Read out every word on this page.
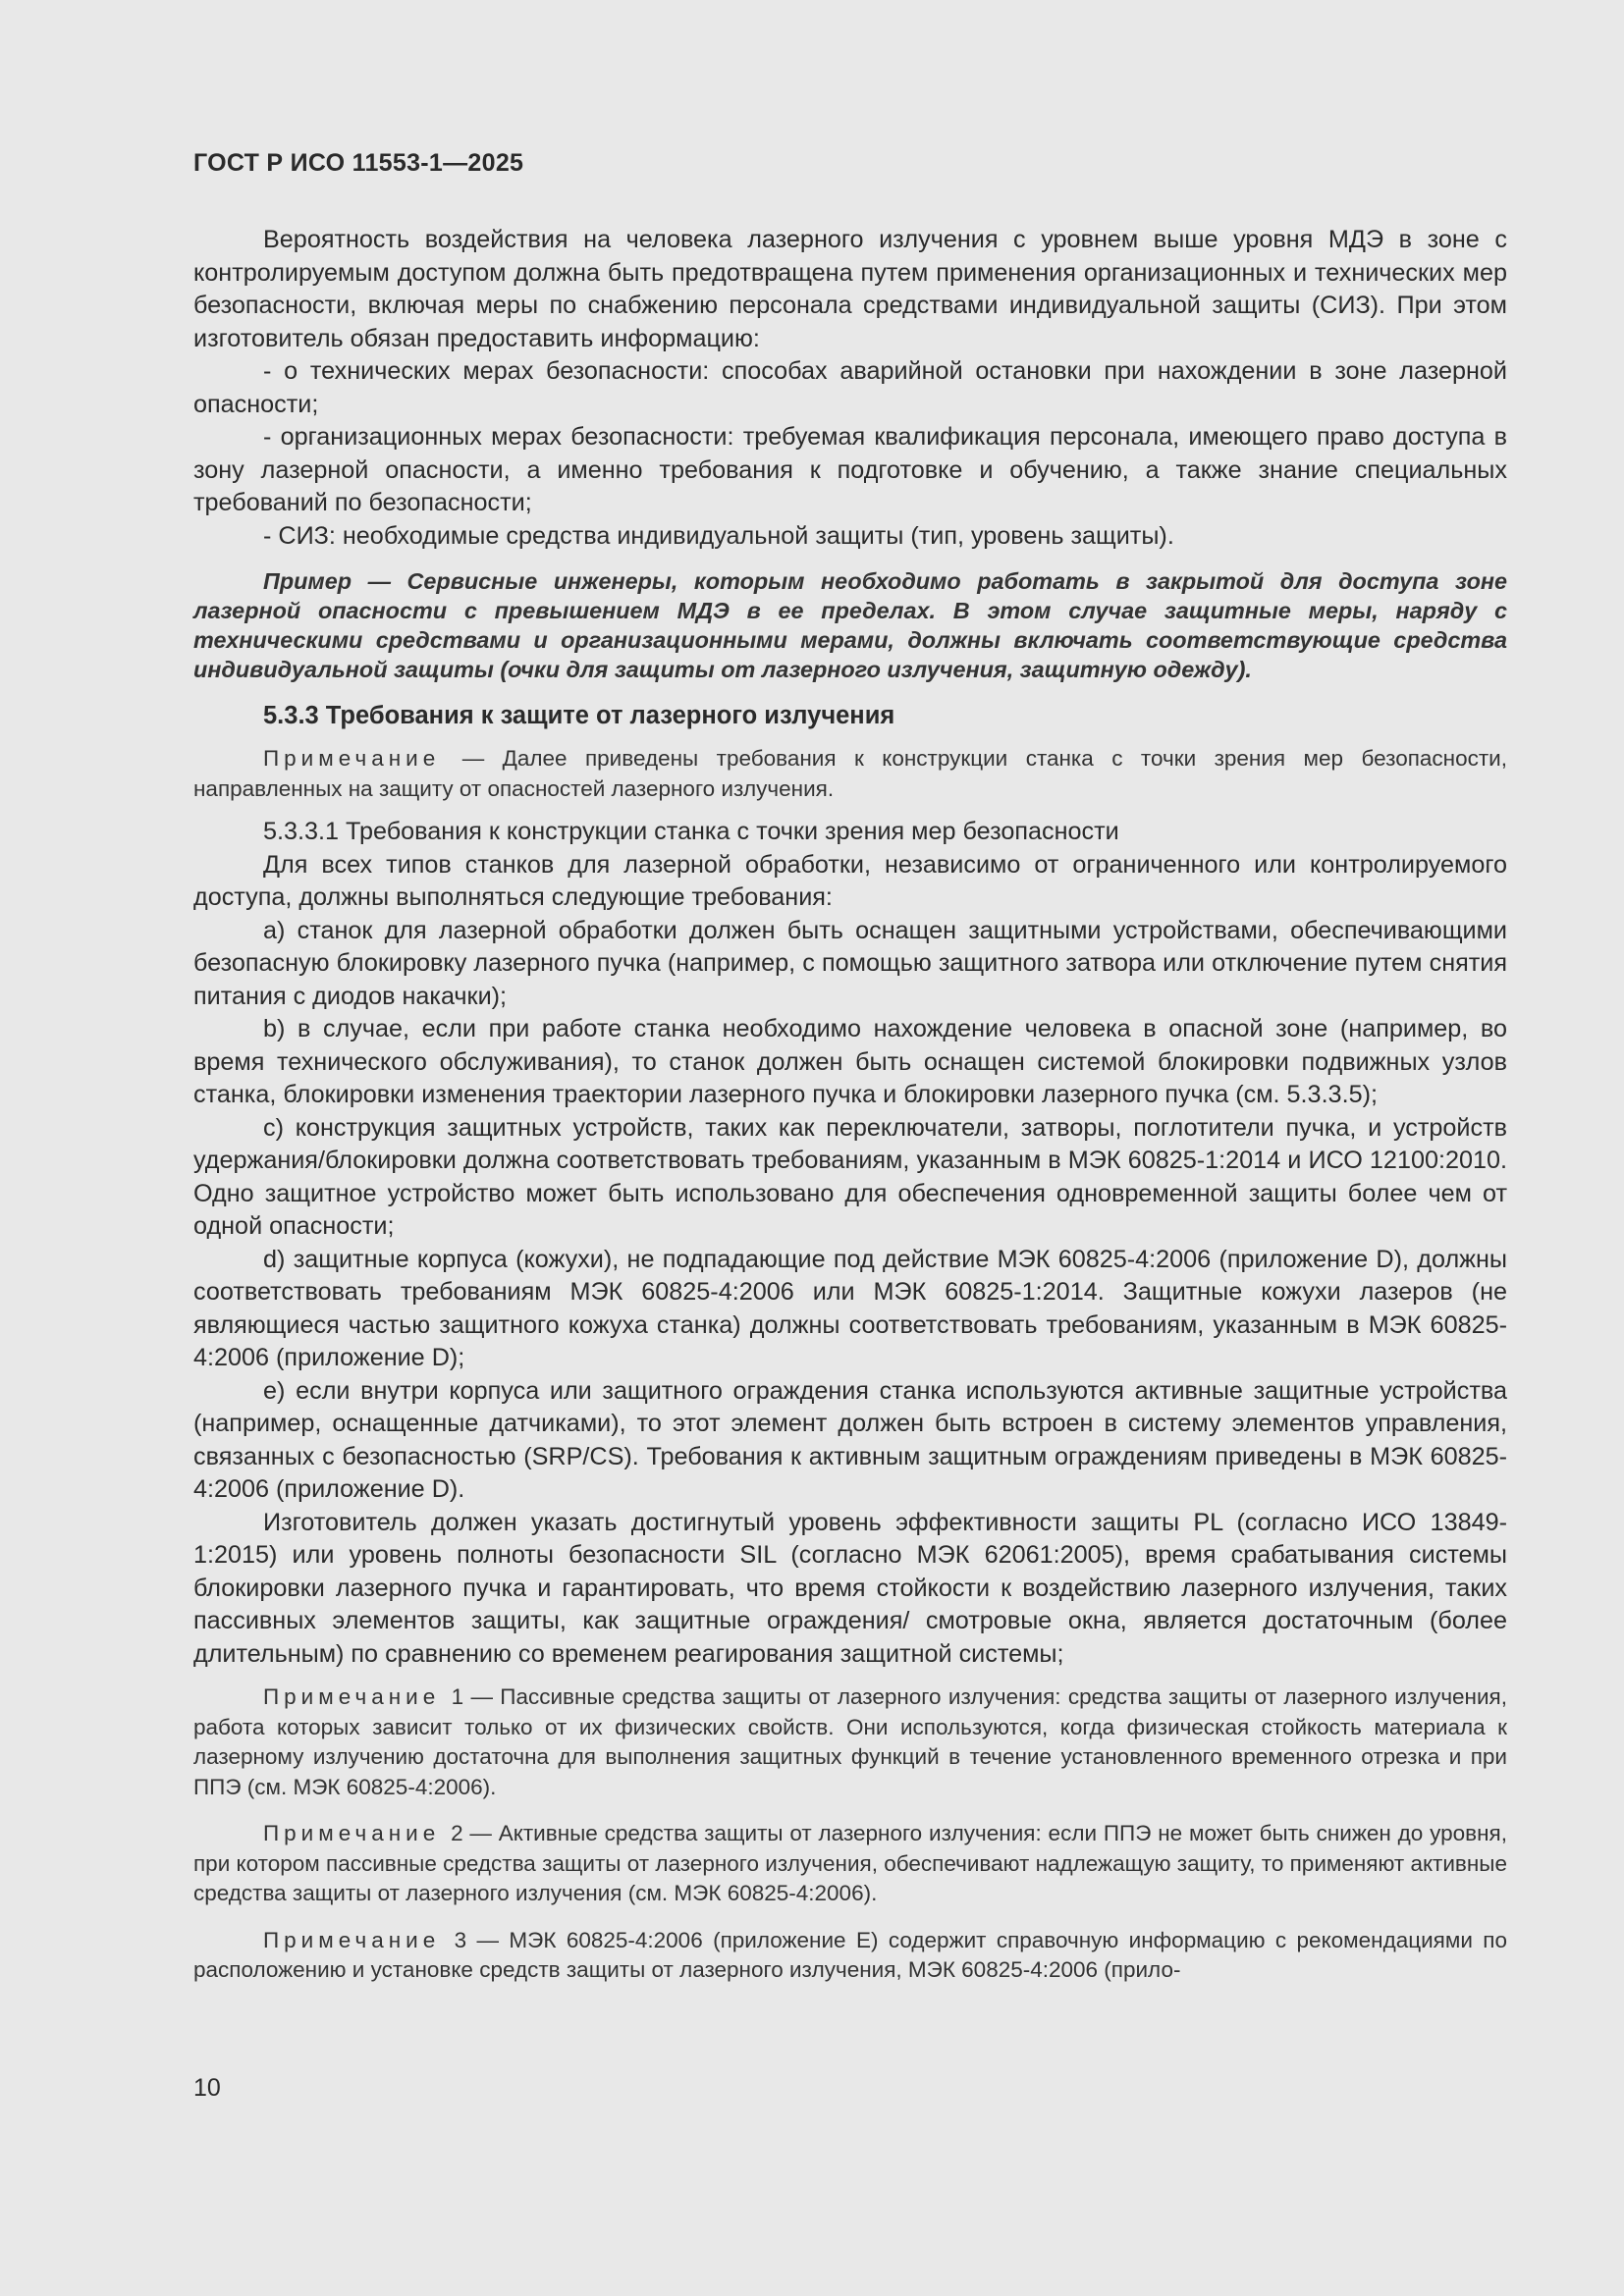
ГОСТ Р ИСО 11553-1—2025

Вероятность воздействия на человека лазерного излучения с уровнем выше уровня МДЭ в зоне с контролируемым доступом должна быть предотвращена путем применения организационных и технических мер безопасности, включая меры по снабжению персонала средствами индивидуальной защиты (СИЗ). При этом изготовитель обязан предоставить информацию:

- о технических мерах безопасности: способах аварийной остановки при нахождении в зоне лазерной опасности;

- организационных мерах безопасности: требуемая квалификация персонала, имеющего право доступа в зону лазерной опасности, а именно требования к подготовке и обучению, а также знание специальных требований по безопасности;

- СИЗ: необходимые средства индивидуальной защиты (тип, уровень защиты).

Пример — Сервисные инженеры, которым необходимо работать в закрытой для доступа зоне лазерной опасности с превышением МДЭ в ее пределах. В этом случае защитные меры, наряду с техническими средствами и организационными мерами, должны включать соответствующие средства индивидуальной защиты (очки для защиты от лазерного излучения, защитную одежду).

5.3.3 Требования к защите от лазерного излучения

Примечание — Далее приведены требования к конструкции станка с точки зрения мер безопасности, направленных на защиту от опасностей лазерного излучения.

5.3.3.1 Требования к конструкции станка с точки зрения мер безопасности

Для всех типов станков для лазерной обработки, независимо от ограниченного или контролируемого доступа, должны выполняться следующие требования:

a) станок для лазерной обработки должен быть оснащен защитными устройствами, обеспечивающими безопасную блокировку лазерного пучка (например, с помощью защитного затвора или отключение путем снятия питания с диодов накачки);

b) в случае, если при работе станка необходимо нахождение человека в опасной зоне (например, во время технического обслуживания), то станок должен быть оснащен системой блокировки подвижных узлов станка, блокировки изменения траектории лазерного пучка и блокировки лазерного пучка (см. 5.3.3.5);

c) конструкция защитных устройств, таких как переключатели, затворы, поглотители пучка, и устройств удержания/блокировки должна соответствовать требованиям, указанным в МЭК 60825-1:2014 и ИСО 12100:2010. Одно защитное устройство может быть использовано для обеспечения одновременной защиты более чем от одной опасности;

d) защитные корпуса (кожухи), не подпадающие под действие МЭК 60825-4:2006 (приложение D), должны соответствовать требованиям МЭК 60825-4:2006 или МЭК 60825-1:2014. Защитные кожухи лазеров (не являющиеся частью защитного кожуха станка) должны соответствовать требованиям, указанным в МЭК 60825-4:2006 (приложение D);

e) если внутри корпуса или защитного ограждения станка используются активные защитные устройства (например, оснащенные датчиками), то этот элемент должен быть встроен в систему элементов управления, связанных с безопасностью (SRP/CS). Требования к активным защитным ограждениям приведены в МЭК 60825-4:2006 (приложение D).

Изготовитель должен указать достигнутый уровень эффективности защиты PL (согласно ИСО 13849-1:2015) или уровень полноты безопасности SIL (согласно МЭК 62061:2005), время срабатывания системы блокировки лазерного пучка и гарантировать, что время стойкости к воздействию лазерного излучения, таких пассивных элементов защиты, как защитные ограждения/ смотровые окна, является достаточным (более длительным) по сравнению со временем реагирования защитной системы;

Примечание 1 — Пассивные средства защиты от лазерного излучения: средства защиты от лазерного излучения, работа которых зависит только от их физических свойств. Они используются, когда физическая стойкость материала к лазерному излучению достаточна для выполнения защитных функций в течение установленного временного отрезка и при ППЭ (см. МЭК 60825-4:2006).

Примечание 2 — Активные средства защиты от лазерного излучения: если ППЭ не может быть снижен до уровня, при котором пассивные средства защиты от лазерного излучения, обеспечивают надлежащую защиту, то применяют активные средства защиты от лазерного излучения (см. МЭК 60825-4:2006).

Примечание 3 — МЭК 60825-4:2006 (приложение E) содержит справочную информацию с рекомендациями по расположению и установке средств защиты от лазерного излучения, МЭК 60825-4:2006 (прило-

10
